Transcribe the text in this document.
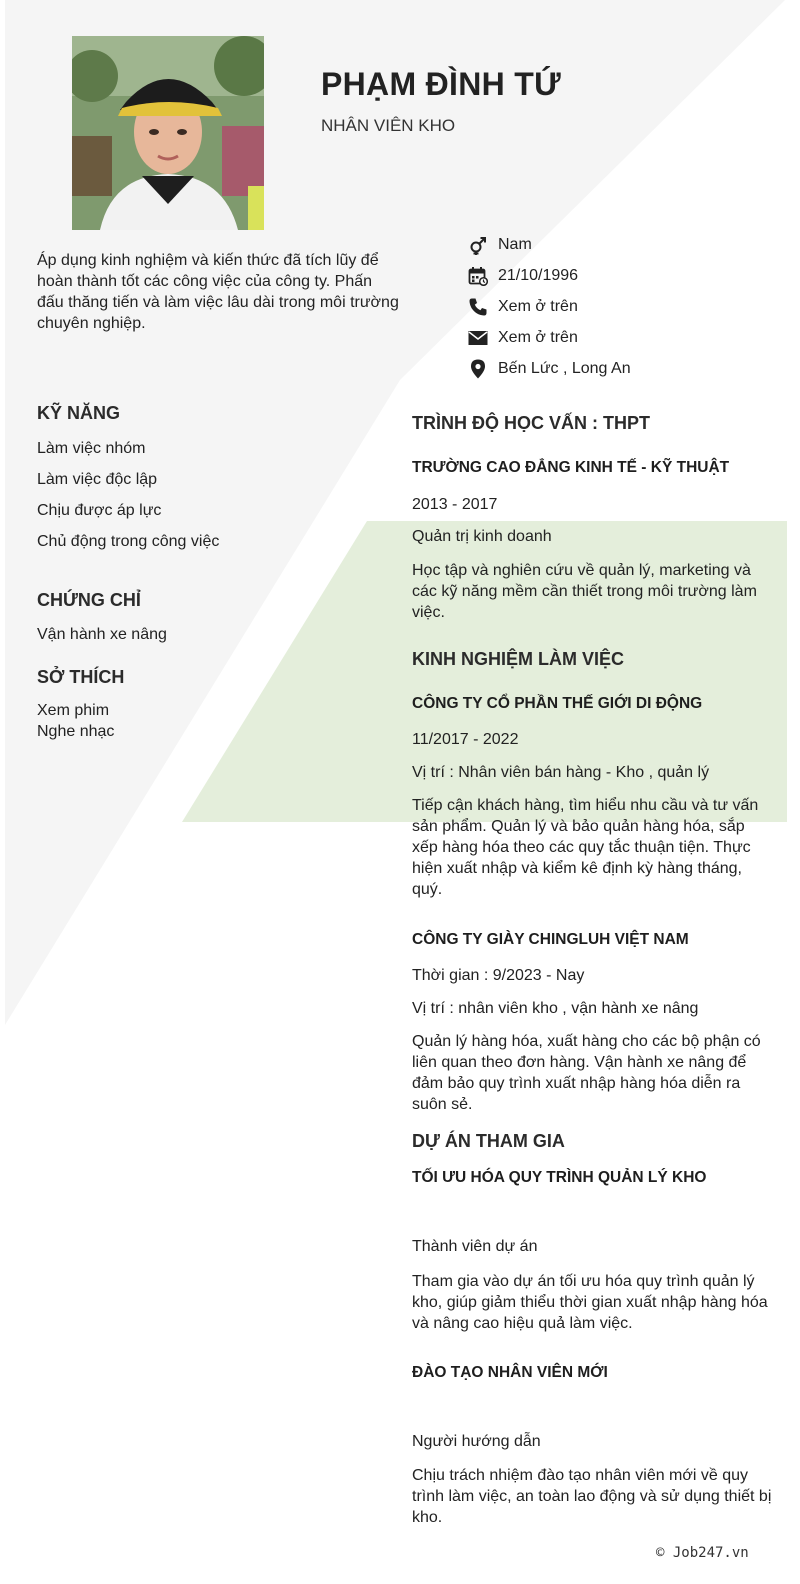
PHẠM ĐÌNH TỨ
NHÂN VIÊN KHO
Áp dụng kinh nghiệm và kiến thức đã tích lũy để hoàn thành tốt các công việc của công ty. Phấn đấu thăng tiến và làm việc lâu dài trong môi trường chuyên nghiệp.
Nam
21/10/1996
Xem ở trên
Xem ở trên
Bến Lức , Long An
KỸ NĂNG
Làm việc nhóm
Làm việc độc lập
Chịu được áp lực
Chủ động trong công việc
CHỨNG CHỈ
Vận hành xe nâng
SỞ THÍCH
Xem phim
Nghe nhạc
TRÌNH ĐỘ HỌC VẤN : THPT
TRƯỜNG CAO ĐẲNG KINH TẾ - KỸ THUẬT
2013 - 2017
Quản trị kinh doanh
Học tập và nghiên cứu về quản lý, marketing và các kỹ năng mềm cần thiết trong môi trường làm việc.
KINH NGHIỆM LÀM VIỆC
CÔNG TY CỔ PHẦN THẾ GIỚI DI ĐỘNG
11/2017 - 2022
Vị trí : Nhân viên bán hàng - Kho , quản lý
Tiếp cận khách hàng, tìm hiểu nhu cầu và tư vấn sản phẩm. Quản lý và bảo quản hàng hóa, sắp xếp hàng hóa theo các quy tắc thuận tiện. Thực hiện xuất nhập và kiểm kê định kỳ hàng tháng, quý.
CÔNG TY GIÀY CHINGLUH VIỆT NAM
Thời gian : 9/2023 - Nay
Vị trí : nhân viên kho , vận hành xe nâng
Quản lý hàng hóa, xuất hàng cho các bộ phận có liên quan theo đơn hàng. Vận hành xe nâng để đảm bảo quy trình xuất nhập hàng hóa diễn ra suôn sẻ.
DỰ ÁN THAM GIA
TỐI ƯU HÓA QUY TRÌNH QUẢN LÝ KHO
Thành viên dự án
Tham gia vào dự án tối ưu hóa quy trình quản lý kho, giúp giảm thiểu thời gian xuất nhập hàng hóa và nâng cao hiệu quả làm việc.
ĐÀO TẠO NHÂN VIÊN MỚI
Người hướng dẫn
Chịu trách nhiệm đào tạo nhân viên mới về quy trình làm việc, an toàn lao động và sử dụng thiết bị kho.
© Job247.vn
